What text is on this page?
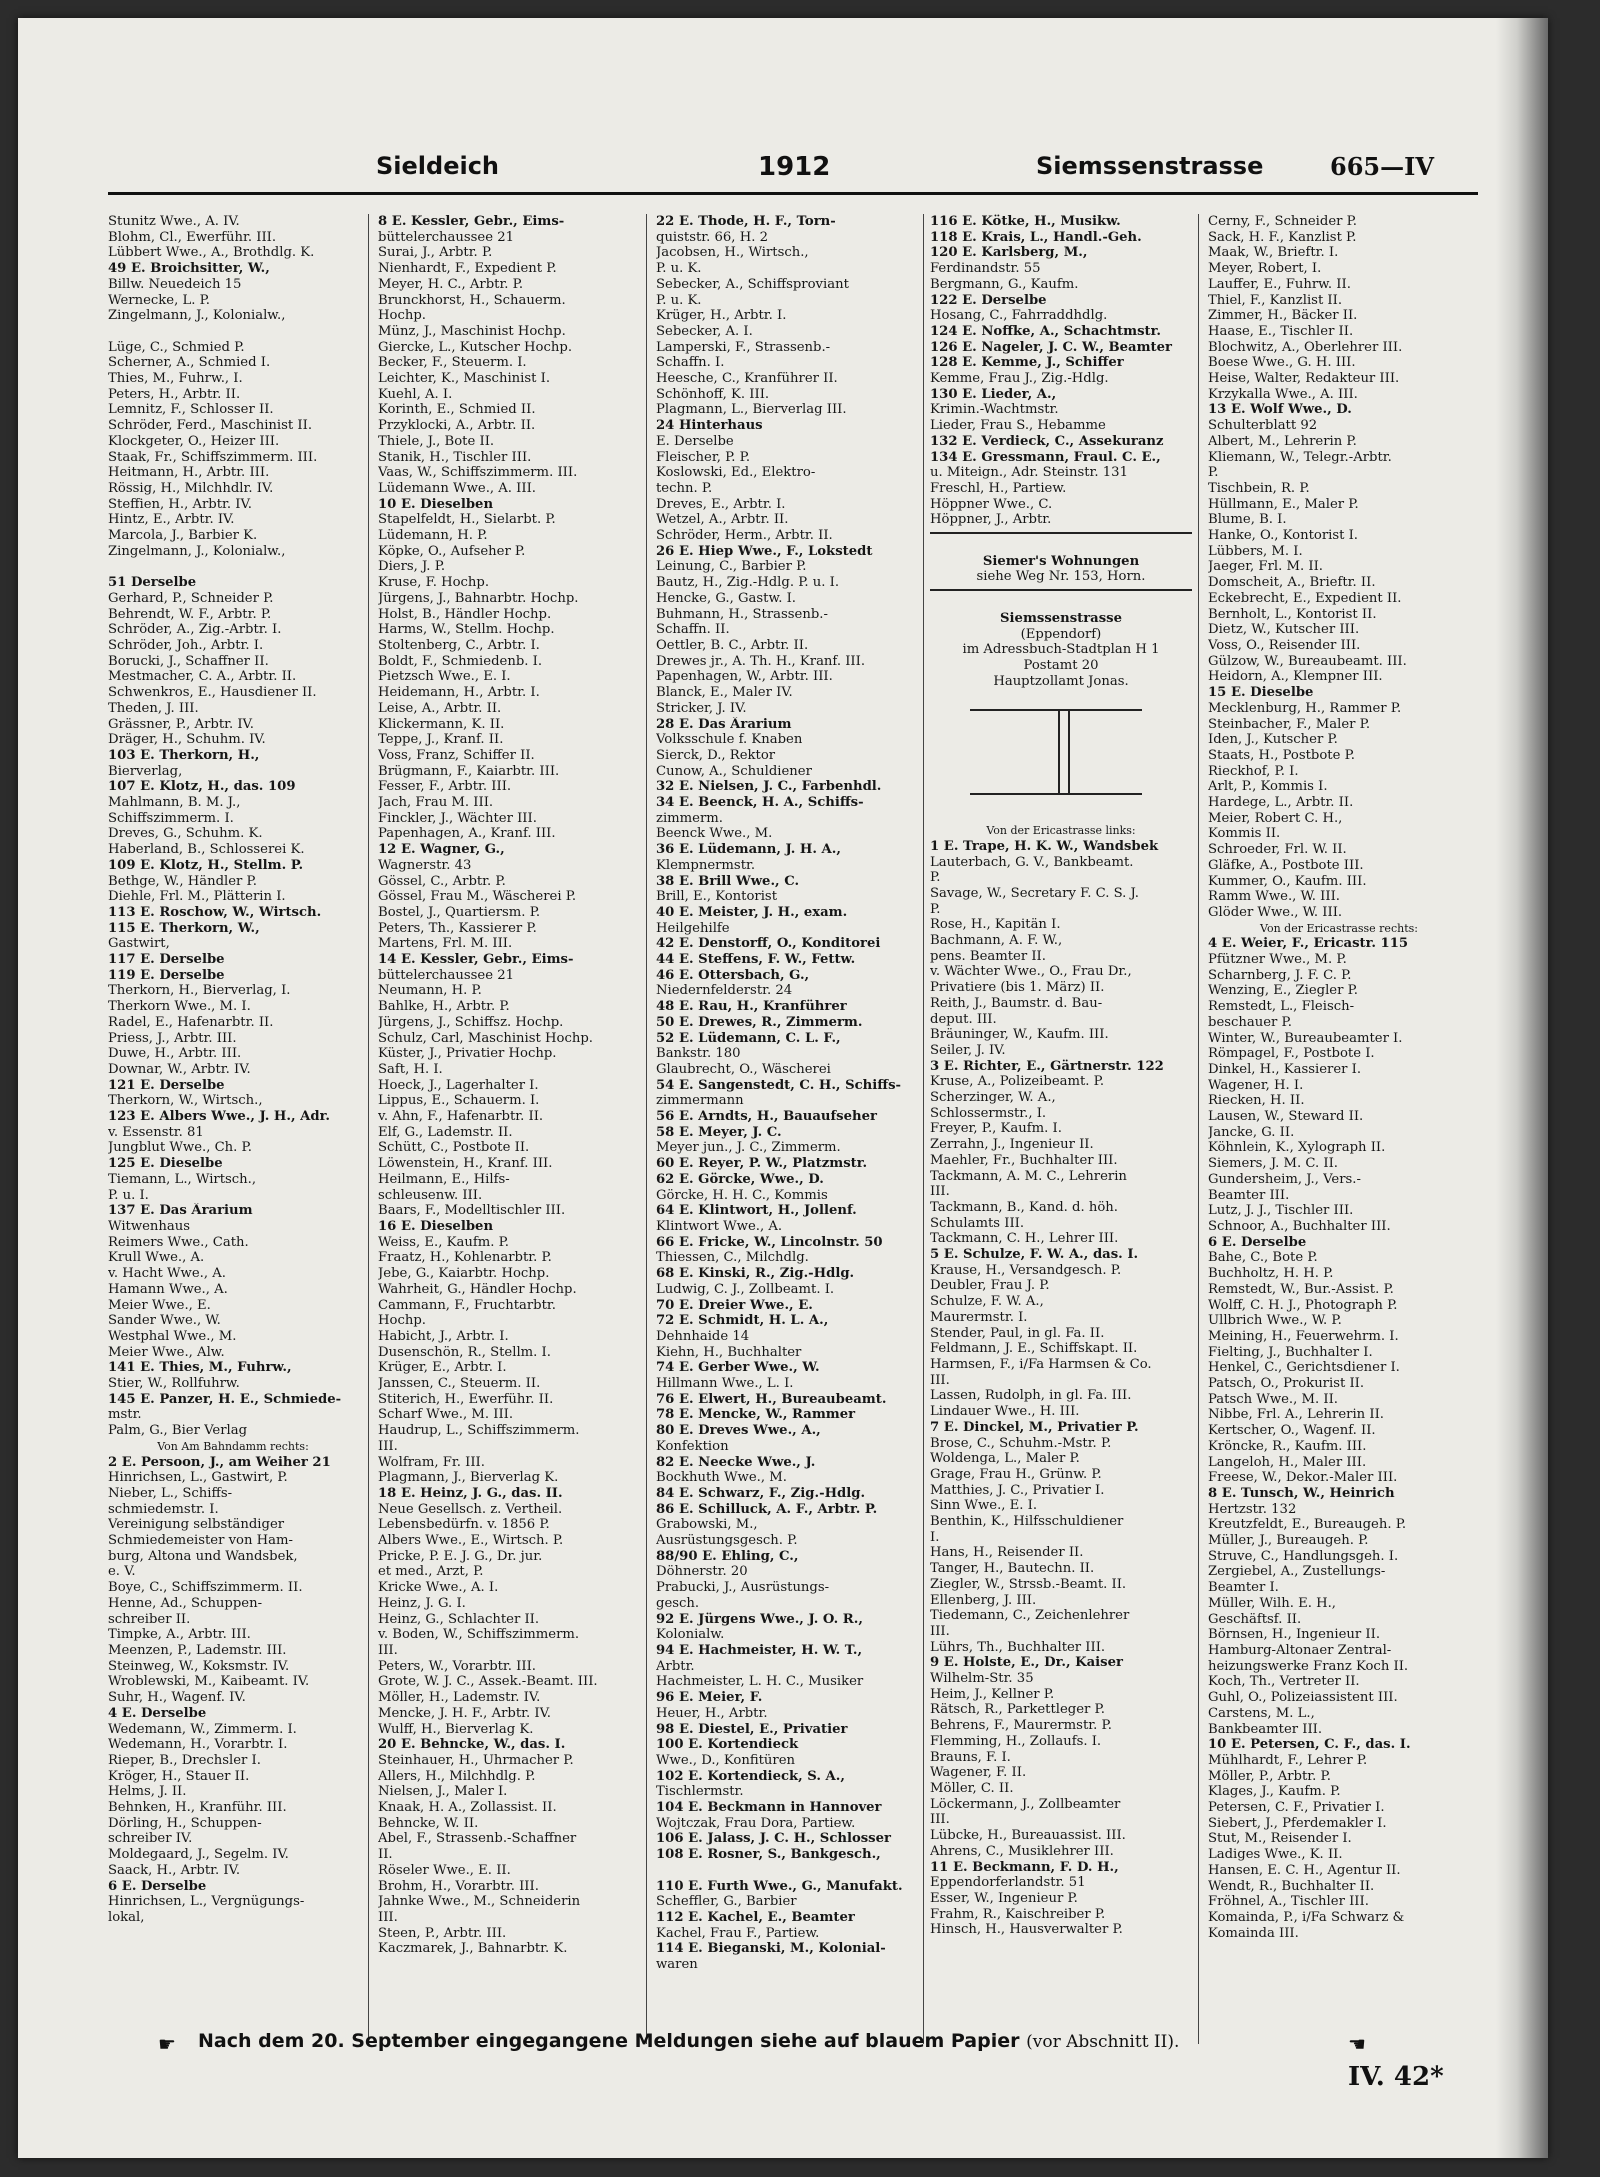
Sieldeich	1912	Siemssenstrasse	665—IV
Stunitz Wwe., A. IV.
Blohm, Cl., Ewerführ. III.
Lübbert Wwe., A., Brothdlg. K.
49 E. Broichsitter, W.,
Billw. Neuedeich 15
Wernecke, L. P.
Zingelmann, J., Kolonialw.,

Lüge, C., Schmied P.
Scherner, A., Schmied I.
Thies, M., Fuhrw., I.
Peters, H., Arbtr. II.
Lemnitz, F., Schlosser II.
Schröder, Ferd., Maschinist II.
Klockgeter, O., Heizer III.
Staak, Fr., Schiffszimmerm. III.
Heitmann, H., Arbtr. III.
Rössig, H., Milchhdlr. IV.
Steffien, H., Arbtr. IV.
Hintz, E., Arbtr. IV.
Marcola, J., Barbier K.
Zingelmann, J., Kolonialw.,

51 Derselbe
Gerhard, P., Schneider P.
Behrendt, W. F., Arbtr. P.
Schröder, A., Zig.-Arbtr. I.
Schröder, Joh., Arbtr. I.
Borucki, J., Schaffner II.
Mestmacher, C. A., Arbtr. II.
Schwenkros, E., Hausdiener II.
Theden, J. III.
Grässner, P., Arbtr. IV.
Dräger, H., Schuhm. IV.
103 E. Therkorn, H.,
Bierverlag,
107 E. Klotz, H., das. 109
Mahlmann, B. M. J.,
Schiffszimmerm. I.
Dreves, G., Schuhm. K.
Haberland, B., Schlosserei K.
109 E. Klotz, H., Stellm. P.
Bethge, W., Händler P.
Diehle, Frl. M., Plätterin I.
113 E. Roschow, W., Wirtsch.
115 E. Therkorn, W.,
Gastwirt,
117 E. Derselbe
119 E. Derselbe
Therkorn, H., Bierverlag, I.
Therkorn Wwe., M. I.
Radel, E., Hafenarbtr. II.
Priess, J., Arbtr. III.
Duwe, H., Arbtr. III.
Downar, W., Arbtr. IV.
121 E. Derselbe
Therkorn, W., Wirtsch.,
123 E. Albers Wwe., J. H., Adr.
v. Essenstr. 81
Jungblut Wwe., Ch. P.
125 E. Dieselbe
Tiemann, L., Wirtsch.,
P. u. I.
137 E. Das Ärarium
Witwenhaus
Reimers Wwe., Cath.
Krull Wwe., A.
v. Hacht Wwe., A.
Hamann Wwe., A.
Meier Wwe., E.
Sander Wwe., W.
Westphal Wwe., M.
Meier Wwe., Alw.
141 E. Thies, M., Fuhrw.,
Stier, W., Rollfuhrw.
145 E. Panzer, H. E., Schmiede-
mstr.
Palm, G., Bier Verlag
Von Am Bahndamm rechts:
2 E. Persoon, J., am Weiher 21
Hinrichsen, L., Gastwirt, P.
Nieber, L., Schiffs-
schmiedemstr. I.
Vereinigung selbständiger
Schmiedemeister von Ham-
burg, Altona und Wandsbek,
e. V.
Boye, C., Schiffszimmerm. II.
Henne, Ad., Schuppen-
schreiber II.
Timpke, A., Arbtr. III.
Meenzen, P., Lademstr. III.
Steinweg, W., Koksmstr. IV.
Wroblewski, M., Kaibeamt. IV.
Suhr, H., Wagenf. IV.
4 E. Derselbe
Wedemann, W., Zimmerm. I.
Wedemann, H., Vorarbtr. I.
Rieper, B., Drechsler I.
Kröger, H., Stauer II.
Helms, J. II.
Behnken, H., Kranführ. III.
Dörling, H., Schuppen-
schreiber IV.
Moldegaard, J., Segelm. IV.
Saack, H., Arbtr. IV.
6 E. Derselbe
Hinrichsen, L., Vergnügungs-
lokal,
8 E. Kessler, Gebr., Eims-
büttelerchaussee 21
Surai, J., Arbtr. P.
Nienhardt, F., Expedient P.
Meyer, H. C., Arbtr. P.
Brunckhorst, H., Schauerm.
Hochp.
Münz, J., Maschinist Hochp.
Giercke, L., Kutscher Hochp.
Becker, F., Steuerm. I.
Leichter, K., Maschinist I.
Kuehl, A. I.
Korinth, E., Schmied II.
Przyklocki, A., Arbtr. II.
Thiele, J., Bote II.
Stanik, H., Tischler III.
Vaas, W., Schiffszimmerm. III.
Lüdemann Wwe., A. III.
10 E. Dieselben
Stapelfeldt, H., Sielarbt. P.
Lüdemann, H. P.
Köpke, O., Aufseher P.
Diers, J. P.
Kruse, F. Hochp.
Jürgens, J., Bahnarbtr. Hochp.
Holst, B., Händler Hochp.
Harms, W., Stellm. Hochp.
Stoltenberg, C., Arbtr. I.
Boldt, F., Schmiedenb. I.
Pietzsch Wwe., E. I.
Heidemann, H., Arbtr. I.
Leise, A., Arbtr. II.
Klickermann, K. II.
Teppe, J., Kranf. II.
Voss, Franz, Schiffer II.
Brügmann, F., Kaiarbtr. III.
Fesser, F., Arbtr. III.
Jach, Frau M. III.
Finckler, J., Wächter III.
Papenhagen, A., Kranf. III.
12 E. Wagner, G.,
Wagnerstr. 43
Gössel, C., Arbtr. P.
Gössel, Frau M., Wäscherei P.
Bostel, J., Quartiersm. P.
Peters, Th., Kassierer P.
Martens, Frl. M. III.
14 E. Kessler, Gebr., Eims-
büttelerchaussee 21
Neumann, H. P.
Bahlke, H., Arbtr. P.
Jürgens, J., Schiffsz. Hochp.
Schulz, Carl, Maschinist Hochp.
Küster, J., Privatier Hochp.
Saft, H. I.
Hoeck, J., Lagerhalter I.
Lippus, E., Schauerm. I.
v. Ahn, F., Hafenarbtr. II.
Elf, G., Lademstr. II.
Schütt, C., Postbote II.
Löwenstein, H., Kranf. III.
Heilmann, E., Hilfs-
schleusenw. III.
Baars, F., Modelltischler III.
16 E. Dieselben
Weiss, E., Kaufm. P.
Fraatz, H., Kohlenarbtr. P.
Jebe, G., Kaiarbtr. Hochp.
Wahrheit, G., Händler Hochp.
Cammann, F., Fruchtarbtr.
Hochp.
Habicht, J., Arbtr. I.
Dusenschön, R., Stellm. I.
Krüger, E., Arbtr. I.
Janssen, C., Steuerm. II.
Stiterich, H., Ewerführ. II.
Scharf Wwe., M. III.
Haudrup, L., Schiffszimmerm.
III.
Wolfram, Fr. III.
Plagmann, J., Bierverlag K.
18 E. Heinz, J. G., das. II.
Neue Gesellsch. z. Vertheil.
Lebensbedürfn. v. 1856 P.
Albers Wwe., E., Wirtsch. P.
Pricke, P. E. J. G., Dr. jur.
et med., Arzt, P.
Kricke Wwe., A. I.
Heinz, J. G. I.
Heinz, G., Schlachter II.
v. Boden, W., Schiffszimmerm.
III.
Peters, W., Vorarbtr. III.
Grote, W. J. C., Assek.-Beamt. III.
Möller, H., Lademstr. IV.
Mencke, J. H. F., Arbtr. IV.
Wulff, H., Bierverlag K.
20 E. Behncke, W., das. I.
Steinhauer, H., Uhrmacher P.
Allers, H., Milchhdlg. P.
Nielsen, J., Maler I.
Knaak, H. A., Zollassist. II.
Behncke, W. II.
Abel, F., Strassenb.-Schaffner
II.
Röseler Wwe., E. II.
Brohm, H., Vorarbtr. III.
Jahnke Wwe., M., Schneiderin
III.
Steen, P., Arbtr. III.
Kaczmarek, J., Bahnarbtr. K.
22 E. Thode, H. F., Torn-
quiststr. 66, H. 2
Jacobsen, H., Wirtsch.,
P. u. K.
Sebecker, A., Schiffsproviant
P. u. K.
Krüger, H., Arbtr. I.
Sebecker, A. I.
Lamperski, F., Strassenb.-
Schaffn. I.
Heesche, C., Kranführer II.
Schönhoff, K. III.
Plagmann, L., Bierverlag III.
24 Hinterhaus
E. Derselbe
Fleischer, P. P.
Koslowski, Ed., Elektro-
techn. P.
Dreves, E., Arbtr. I.
Wetzel, A., Arbtr. II.
Schröder, Herm., Arbtr. II.
26 E. Hiep Wwe., F., Lokstedt
Leinung, C., Barbier P.
Bautz, H., Zig.-Hdlg. P. u. I.
Hencke, G., Gastw. I.
Buhmann, H., Strassenb.-
Schaffn. II.
Oettler, B. C., Arbtr. II.
Drewes jr., A. Th. H., Kranf. III.
Papenhagen, W., Arbtr. III.
Blanck, E., Maler IV.
Stricker, J. IV.
28 E. Das Ärarium
Volksschule f. Knaben
Sierck, D., Rektor
Cunow, A., Schuldiener
32 E. Nielsen, J. C., Farbenhdl.
34 E. Beenck, H. A., Schiffs-
zimmerm.
Beenck Wwe., M.
36 E. Lüdemann, J. H. A.,
Klempnermstr.
38 E. Brill Wwe., C.
Brill, E., Kontorist
40 E. Meister, J. H., exam.
Heilgehilfe
42 E. Denstorff, O., Konditorei
44 E. Steffens, F. W., Fettw.
46 E. Ottersbach, G.,
Niedernfelderstr. 24
48 E. Rau, H., Kranführer
50 E. Drewes, R., Zimmerm.
52 E. Lüdemann, C. L. F.,
Bankstr. 180
Glaubrecht, O., Wäscherei
54 E. Sangenstedt, C. H., Schiffs-
zimmermann
56 E. Arndts, H., Bauaufseher
58 E. Meyer, J. C.
Meyer jun., J. C., Zimmerm.
60 E. Reyer, P. W., Platzmstr.
62 E. Görcke, Wwe., D.
Görcke, H. H. C., Kommis
64 E. Klintwort, H., Jollenf.
Klintwort Wwe., A.
66 E. Fricke, W., Lincolnstr. 50
Thiessen, C., Milchdlg.
68 E. Kinski, R., Zig.-Hdlg.
Ludwig, C. J., Zollbeamt. I.
70 E. Dreier Wwe., E.
72 E. Schmidt, H. L. A.,
Dehnhaide 14
Kiehn, H., Buchhalter
74 E. Gerber Wwe., W.
Hillmann Wwe., L. I.
76 E. Elwert, H., Bureaubeamt.
78 E. Mencke, W., Rammer
80 E. Dreves Wwe., A.,
Konfektion
82 E. Neecke Wwe., J.
Bockhuth Wwe., M.
84 E. Schwarz, F., Zig.-Hdlg.
86 E. Schilluck, A. F., Arbtr. P.
Grabowski, M.,
Ausrüstungsgesch. P.
88/90 E. Ehling, C.,
Döhnerstr. 20
Prabucki, J., Ausrüstungs-
gesch.
92 E. Jürgens Wwe., J. O. R.,
Kolonialw.
94 E. Hachmeister, H. W. T.,
Arbtr.
Hachmeister, L. H. C., Musiker
96 E. Meier, F.
Heuer, H., Arbtr.
98 E. Diestel, E., Privatier
100 E. Kortendieck
Wwe., D., Konfitüren
102 E. Kortendieck, S. A.,
Tischlermstr.
104 E. Beckmann in Hannover
Wojtczak, Frau Dora, Partiew.
106 E. Jalass, J. C. H., Schlosser
108 E. Rosner, S., Bankgesch.,

110 E. Furth Wwe., G., Manufakt.
Scheffler, G., Barbier
112 E. Kachel, E., Beamter
Kachel, Frau F., Partiew.
114 E. Bieganski, M., Kolonial-
waren
116 E. Kötke, H., Musikw.
118 E. Krais, L., Handl.-Geh.
120 E. Karlsberg, M.,
Ferdinandstr. 55
Bergmann, G., Kaufm.
122 E. Derselbe
Hosang, C., Fahrraddhdlg.
124 E. Noffke, A., Schachtmstr.
126 E. Nageler, J. C. W., Beamter
128 E. Kemme, J., Schiffer
Kemme, Frau J., Zig.-Hdlg.
130 E. Lieder, A.,
Krimin.-Wachtmstr.
Lieder, Frau S., Hebamme
132 E. Verdieck, C., Assekuranz
134 E. Gressmann, Fraul. C. E.,
u. Miteign., Adr. Steinstr. 131
Freschl, H., Partiew.
Höppner Wwe., C.
Höppner, J., Arbtr.

Siemer's Wohnungen
siehe Weg Nr. 153, Horn.

Siemssenstrasse
(Eppendorf)
im Adressbuch-Stadtplan H 1
Postamt 20
Hauptzollamt Jonas.

Von der Ericastrasse links:
1 E. Trape, H. K. W., Wandsbek
Lauterbach, G. V., Bankbeamt.
P.
Savage, W., Secretary F. C. S. J.
P.
Rose, H., Kapitän I.
Bachmann, A. F. W.,
pens. Beamter II.
v. Wächter Wwe., O., Frau Dr.,
Privatiere (bis 1. März) II.
Reith, J., Baumstr. d. Bau-
deput. III.
Bräuninger, W., Kaufm. III.
Seiler, J. IV.
3 E. Richter, E., Gärtnerstr. 122
Kruse, A., Polizeibeamt. P.
Scherzinger, W. A.,
Schlossermstr., I.
Freyer, P., Kaufm. I.
Zerrahn, J., Ingenieur II.
Maehler, Fr., Buchhalter III.
Tackmann, A. M. C., Lehrerin
III.
Tackmann, B., Kand. d. höh.
Schulamts III.
Tackmann, C. H., Lehrer III.
5 E. Schulze, F. W. A., das. I.
Krause, H., Versandgesch. P.
Deubler, Frau J. P.
Schulze, F. W. A.,
Maurermstr. I.
Stender, Paul, in gl. Fa. II.
Feldmann, J. E., Schiffskapt. II.
Harmsen, F., i/Fa Harmsen & Co.
III.
Lassen, Rudolph, in gl. Fa. III.
Lindauer Wwe., H. III.
7 E. Dinckel, M., Privatier P.
Brose, C., Schuhm.-Mstr. P.
Woldenga, L., Maler P.
Grage, Frau H., Grünw. P.
Matthies, J. C., Privatier I.
Sinn Wwe., E. I.
Benthin, K., Hilfsschuldiener
I.
Hans, H., Reisender II.
Tanger, H., Bautechn. II.
Ziegler, W., Strssb.-Beamt. II.
Ellenberg, J. III.
Tiedemann, C., Zeichenlehrer
III.
Lührs, Th., Buchhalter III.
9 E. Holste, E., Dr., Kaiser
Wilhelm-Str. 35
Heim, J., Kellner P.
Rätsch, R., Parkettleger P.
Behrens, F., Maurermstr. P.
Flemming, H., Zollaufs. I.
Brauns, F. I.
Wagener, F. II.
Möller, C. II.
Löckermann, J., Zollbeamter
III.
Lübcke, H., Bureauassist. III.
Ahrens, C., Musiklehrer III.
11 E. Beckmann, F. D. H.,
Eppendorferlandstr. 51
Esser, W., Ingenieur P.
Frahm, R., Kaischreiber P.
Hinsch, H., Hausverwalter P.
Cerny, F., Schneider P.
Sack, H. F., Kanzlist P.
Maak, W., Brieftr. I.
Meyer, Robert, I.
Lauffer, E., Fuhrw. II.
Thiel, F., Kanzlist II.
Zimmer, H., Bäcker II.
Haase, E., Tischler II.
Blochwitz, A., Oberlehrer III.
Boese Wwe., G. H. III.
Heise, Walter, Redakteur III.
Krzykalla Wwe., A. III.
13 E. Wolf Wwe., D.
Schulterblatt 92
Albert, M., Lehrerin P.
Kliemann, W., Telegr.-Arbtr.
P.
Tischbein, R. P.
Hüllmann, E., Maler P.
Blume, B. I.
Hanke, O., Kontorist I.
Lübbers, M. I.
Jaeger, Frl. M. II.
Domscheit, A., Brieftr. II.
Eckebrecht, E., Expedient II.
Bernholt, L., Kontorist II.
Dietz, W., Kutscher III.
Voss, O., Reisender III.
Gülzow, W., Bureaubeamt. III.
Heidorn, A., Klempner III.
15 E. Dieselbe
Mecklenburg, H., Rammer P.
Steinbacher, F., Maler P.
Iden, J., Kutscher P.
Staats, H., Postbote P.
Rieckhof, P. I.
Arlt, P., Kommis I.
Hardege, L., Arbtr. II.
Meier, Robert C. H.,
Kommis II.
Schroeder, Frl. W. II.
Gläfke, A., Postbote III.
Kummer, O., Kaufm. III.
Ramm Wwe., W. III.
Glöder Wwe., W. III.
Von der Ericastrasse rechts:
4 E. Weier, F., Ericastr. 115
Pfützner Wwe., M. P.
Scharnberg, J. F. C. P.
Wenzing, E., Ziegler P.
Remstedt, L., Fleisch-
beschauer P.
Winter, W., Bureaubeamter I.
Römpagel, F., Postbote I.
Dinkel, H., Kassierer I.
Wagener, H. I.
Riecken, H. II.
Lausen, W., Steward II.
Jancke, G. II.
Köhnlein, K., Xylograph II.
Siemers, J. M. C. II.
Gundersheim, J., Vers.-
Beamter III.
Lutz, J. J., Tischler III.
Schnoor, A., Buchhalter III.
6 E. Derselbe
Bahe, C., Bote P.
Buchholtz, H. H. P.
Remstedt, W., Bur.-Assist. P.
Wolff, C. H. J., Photograph P.
Ullbrich Wwe., W. P.
Meining, H., Feuerwehrm. I.
Fielting, J., Buchhalter I.
Henkel, C., Gerichtsdiener I.
Patsch, O., Prokurist II.
Patsch Wwe., M. II.
Nibbe, Frl. A., Lehrerin II.
Kertscher, O., Wagenf. II.
Kröncke, R., Kaufm. III.
Langeloh, H., Maler III.
Freese, W., Dekor.-Maler III.
8 E. Tunsch, W., Heinrich
Hertzstr. 132
Kreutzfeldt, E., Bureaugeh. P.
Müller, J., Bureaugeh. P.
Struve, C., Handlungsgeh. I.
Zergiebel, A., Zustellungs-
Beamter I.
Müller, Wilh. E. H.,
Geschäftsf. II.
Börnsen, H., Ingenieur II.
Hamburg-Altonaer Zentral-
heizungswerke Franz Koch II.
Koch, Th., Vertreter II.
Guhl, O., Polizeiassistent III.
Carstens, M. L.,
Bankbeamter III.
10 E. Petersen, C. F., das. I.
Mühlhardt, F., Lehrer P.
Möller, P., Arbtr. P.
Klages, J., Kaufm. P.
Petersen, C. F., Privatier I.
Siebert, J., Pferdemakler I.
Stut, M., Reisender I.
Ladiges Wwe., K. II.
Hansen, E. C. H., Agentur II.
Wendt, R., Buchhalter II.
Fröhnel, A., Tischler III.
Komainda, P., i/Fa Schwarz &
Komainda III.
☛ Nach dem 20. September eingegangene Meldungen siehe auf blauem Papier (vor Abschnitt II).	☚
IV. 42*
